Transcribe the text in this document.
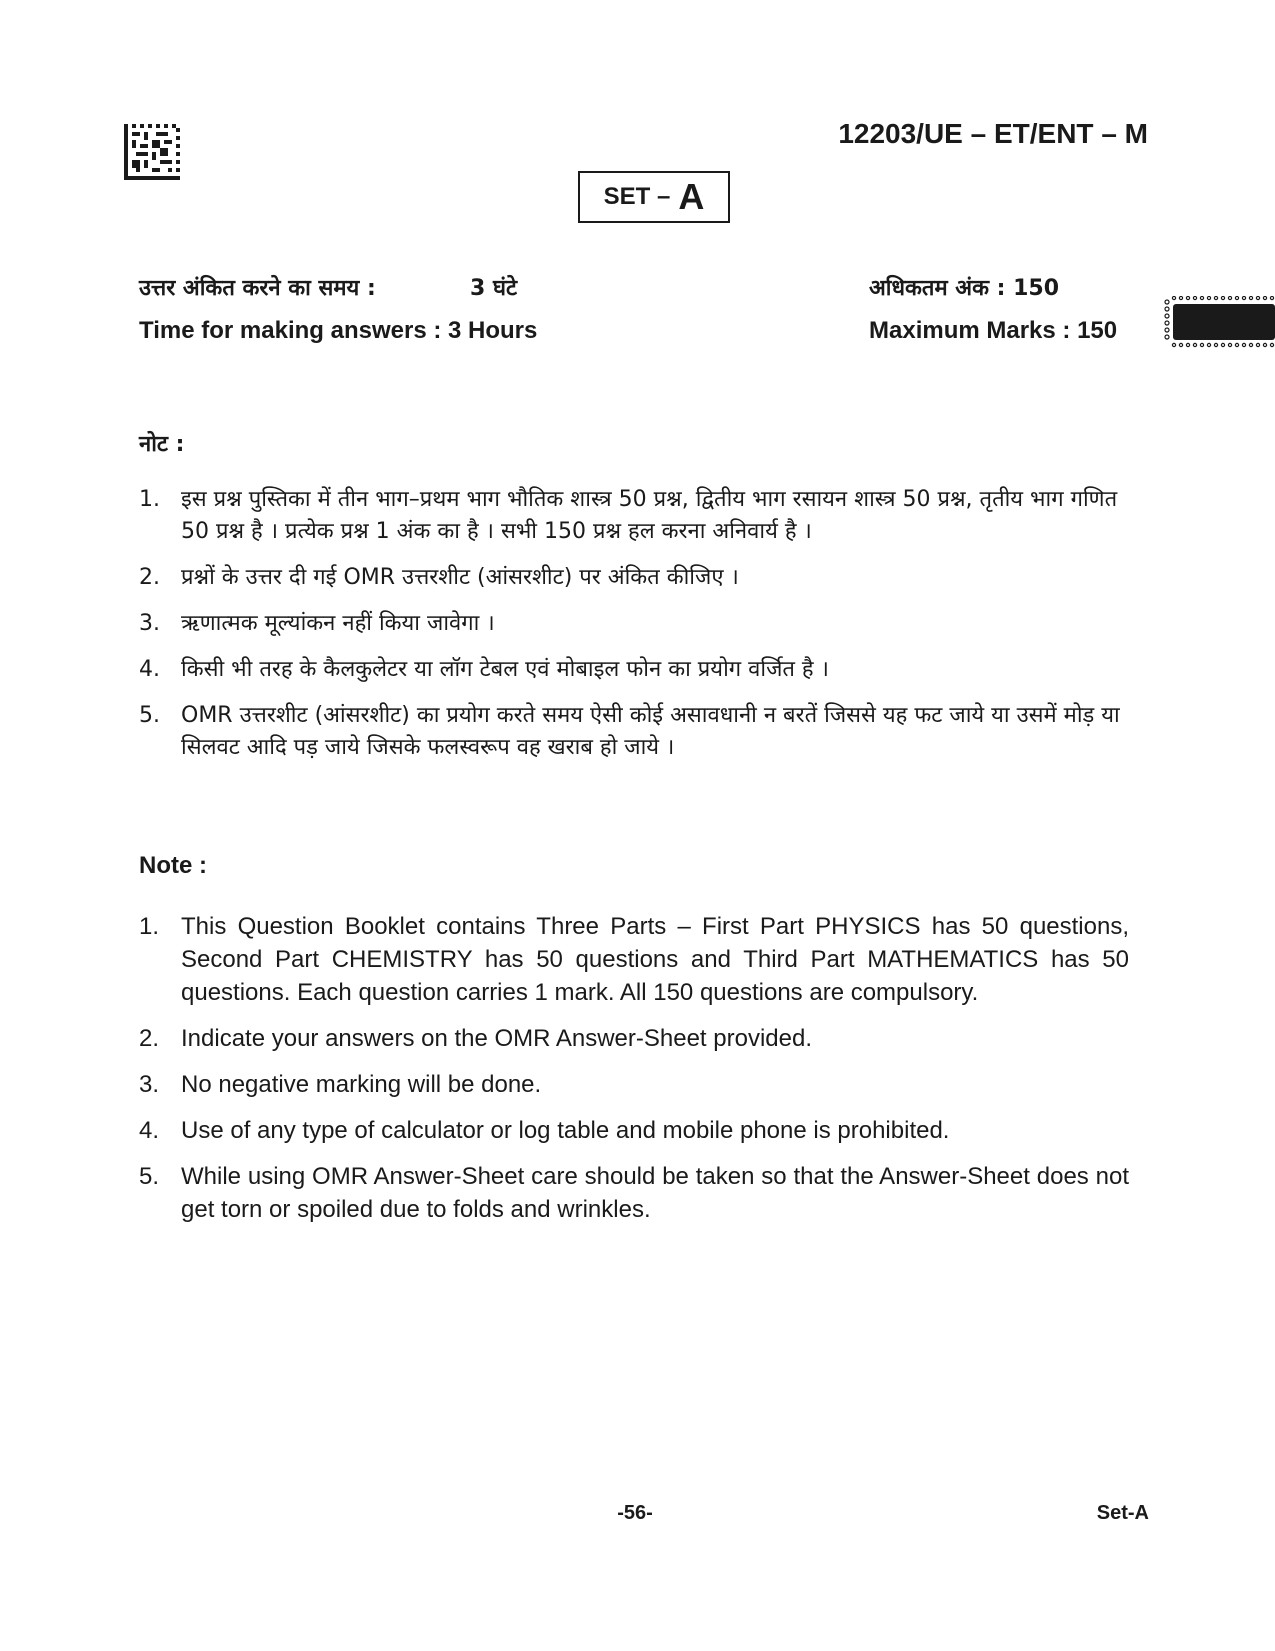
12203/UE – ET/ENT – M
SET – A
उत्तर अंकित करने का समय :	3 घंटे	अधिकतम अंक : 150
Time for making answers : 3 Hours	Maximum Marks : 150
नोट :
1. इस प्रश्न पुस्तिका में तीन भाग–प्रथम भाग भौतिक शास्त्र 50 प्रश्न, द्वितीय भाग रसायन शास्त्र 50 प्रश्न, तृतीय भाग गणित 50 प्रश्न है । प्रत्येक प्रश्न 1 अंक का है । सभी 150 प्रश्न हल करना अनिवार्य है ।
2. प्रश्नों के उत्तर दी गई OMR उत्तरशीट (आंसरशीट) पर अंकित कीजिए ।
3. ऋणात्मक मूल्यांकन नहीं किया जावेगा ।
4. किसी भी तरह के कैलकुलेटर या लॉग टेबल एवं मोबाइल फोन का प्रयोग वर्जित है ।
5. OMR उत्तरशीट (आंसरशीट) का प्रयोग करते समय ऐसी कोई असावधानी न बरतें जिससे यह फट जाये या उसमें मोड़ या सिलवट आदि पड़ जाये जिसके फलस्वरूप वह खराब हो जाये ।
Note :
1. This Question Booklet contains Three Parts – First Part PHYSICS has 50 questions, Second Part CHEMISTRY has 50 questions and Third Part MATHEMATICS has 50 questions. Each question carries 1 mark. All 150 questions are compulsory.
2. Indicate your answers on the OMR Answer-Sheet provided.
3. No negative marking will be done.
4. Use of any type of calculator or log table and mobile phone is prohibited.
5. While using OMR Answer-Sheet care should be taken so that the Answer-Sheet does not get torn or spoiled due to folds and wrinkles.
-56-	Set-A
